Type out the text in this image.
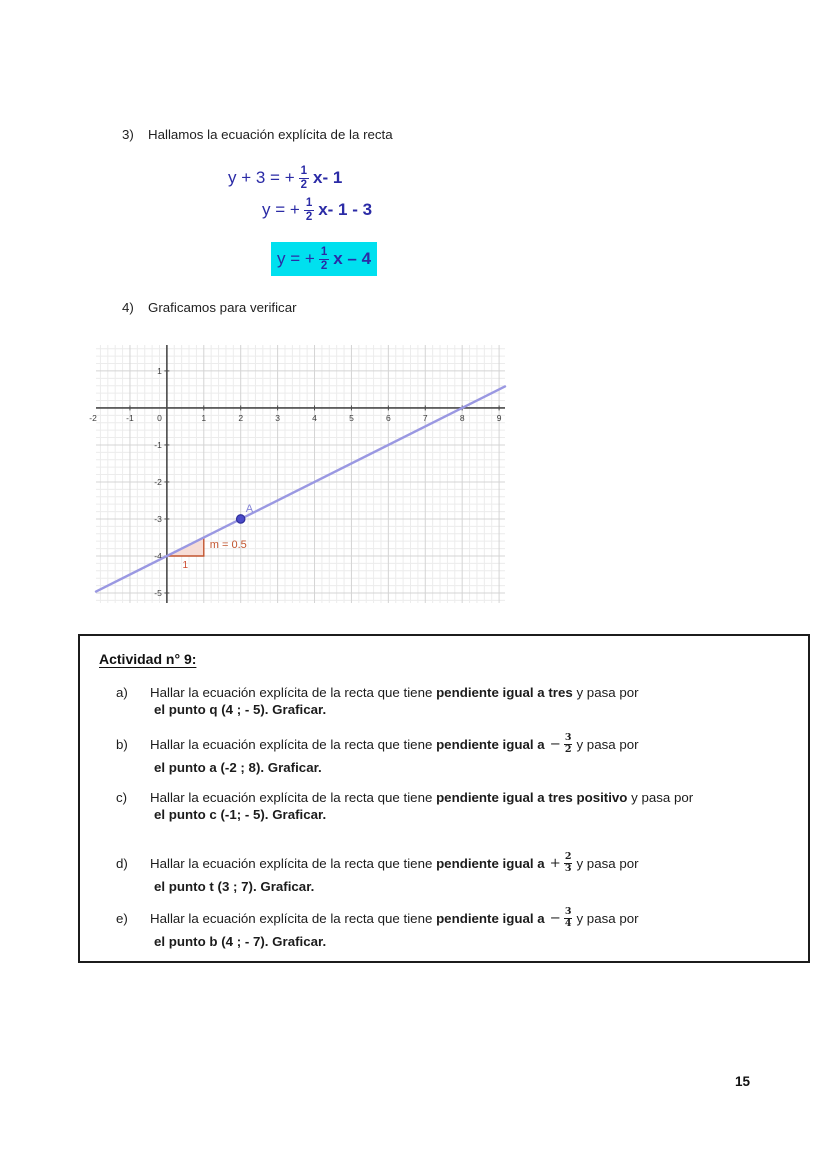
3)	Hallamos la ecuación explícita de la recta
y + 3 = + $\frac{1}{2} x-$ 1
y = + $\frac{1}{2} x-$ 1 - 3
y = + $\frac{1}{2}$ x – 4
4)	Graficamos para verificar
-2	-1	0	1	2	3	4	5	6	7	8	9
1
-1
-2
-3
-4
-5
m = 0.5
1
A
Actividad n° 9:
a)	Hallar la ecuación explícita de la recta que tiene pendiente igual a tres y pasa por
el punto q (4 ; - 5). Graficar.
b)	Hallar la ecuación explícita de la recta que tiene pendiente igual $a - \frac{3}{2}$ y pasa por
el punto a (-2 ; 8). Graficar.
c)	Hallar la ecuación explícita de la recta que tiene pendiente igual a tres positivo y pasa por
el punto c (-1; - 5). Graficar.
d)	Hallar la ecuación explícita de la recta que tiene pendiente igual $a + \frac{2}{3}$ y pasa por
el punto t (3 ; 7). Graficar.
e)	Hallar la ecuación explícita de la recta que tiene pendiente igual $a - \frac{3}{4}$ y pasa por
el punto b (4 ; - 7). Graficar.
15
